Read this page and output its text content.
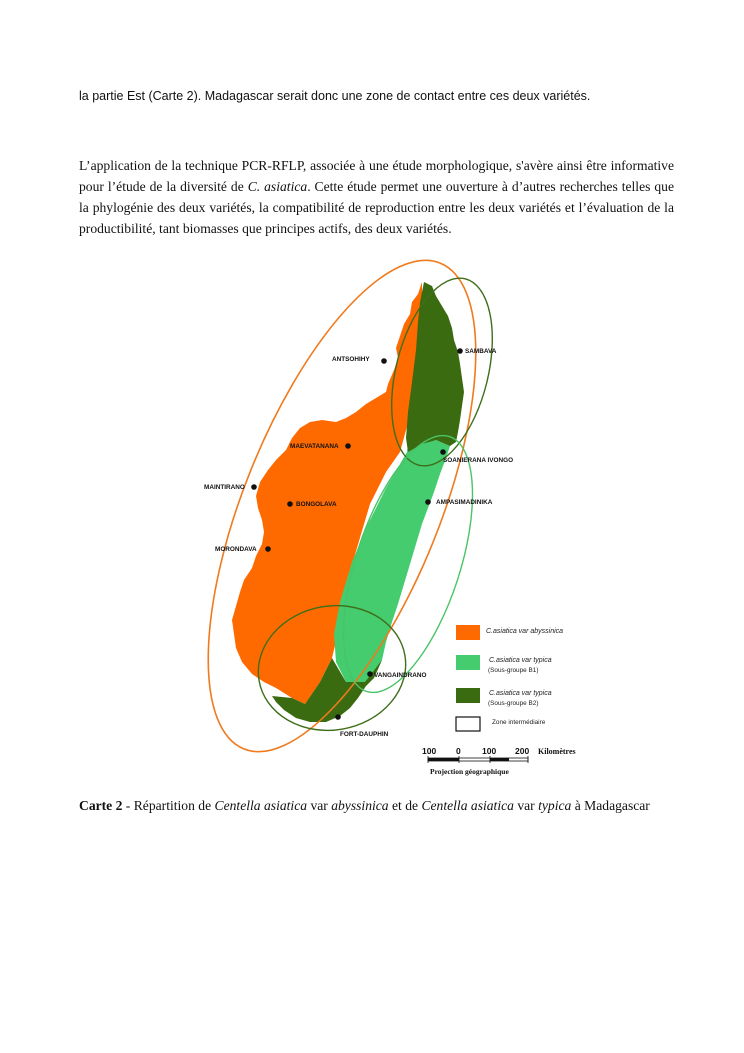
la partie Est (Carte 2). Madagascar serait donc une zone de contact entre ces deux variétés.

L’application de la technique PCR-RFLP, associée à une étude morphologique, s'avère ainsi être informative pour l’étude de la diversité de C. asiatica. Cette étude permet une ouverture à d’autres recherches telles que la phylogénie des deux variétés, la compatibilité de reproduction entre les deux variétés et l’évaluation de la productibilité, tant biomasses que principes actifs, des deux variétés.

ANTSOHIHY
SAMBAVA
MAEVATANANA
SOANIERANA IVONGO
MAINTIRANO
BONGOLAVA	AMPASIMADINIKA
MORONDAVA
VANGAINDRANO
FORT-DAUPHIN
C.asiatica var abyssinica
C.asiatica var typica
(Sous-groupe B1)
C.asiatica var typica
(Sous-groupe B2)
Zone intermédiaire
100 0	100 200 Kilomètres
Projection géographique

Carte 2 - Répartition de Centella asiatica var abyssinica et de Centella asiatica var typica à Madagascar
